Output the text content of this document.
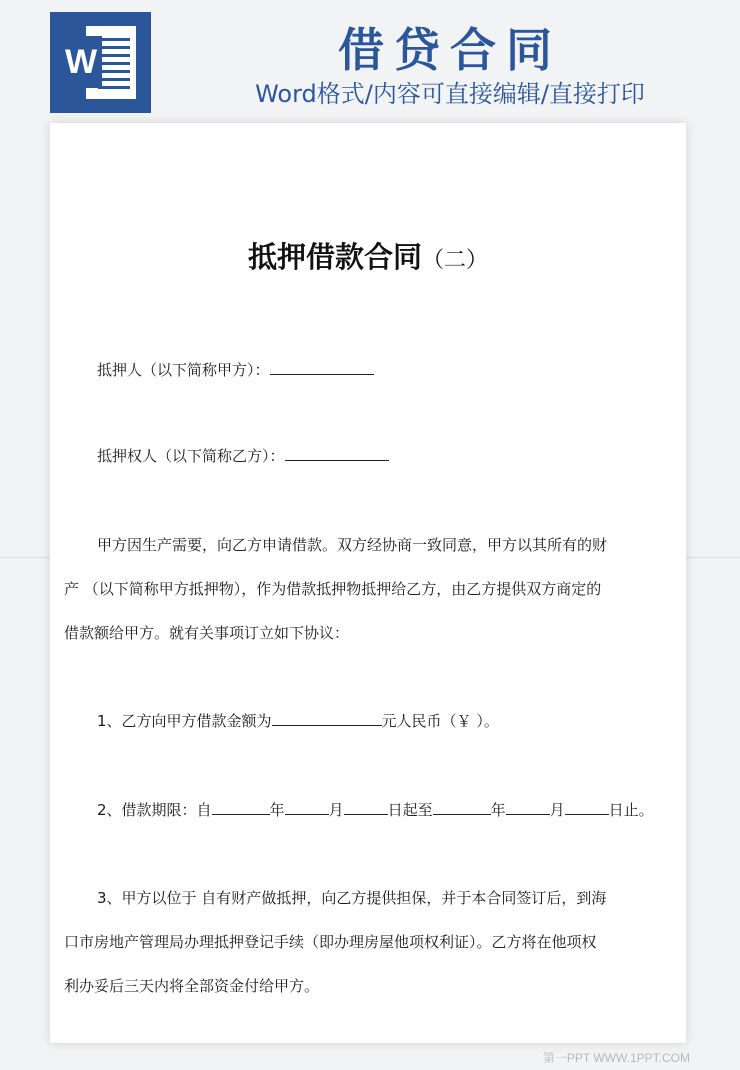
W	借贷合同
Word格式/内容可直接编辑/直接打印
抵押借款合同（二）
抵押人（以下简称甲方）：
抵押权人（以下简称乙方）：
甲方因生产需要，向乙方申请借款。双方经协商一致同意，甲方以其所有的财
产 （以下简称甲方抵押物），作为借款抵押物抵押给乙方，由乙方提供双方商定的
借款额给甲方。就有关事项订立如下协议：
1、乙方向甲方借款金额为	元人民币（￥ ）。
2、借款期限：自	年	月	日起至	年	月	日止。
3、甲方以位于 自有财产做抵押，向乙方提供担保，并于本合同签订后，到海
口市房地产管理局办理抵押登记手续（即办理房屋他项权利证）。乙方将在他项权
利办妥后三天内将全部资金付给甲方。
第一PPT WWW.1PPT.COM
